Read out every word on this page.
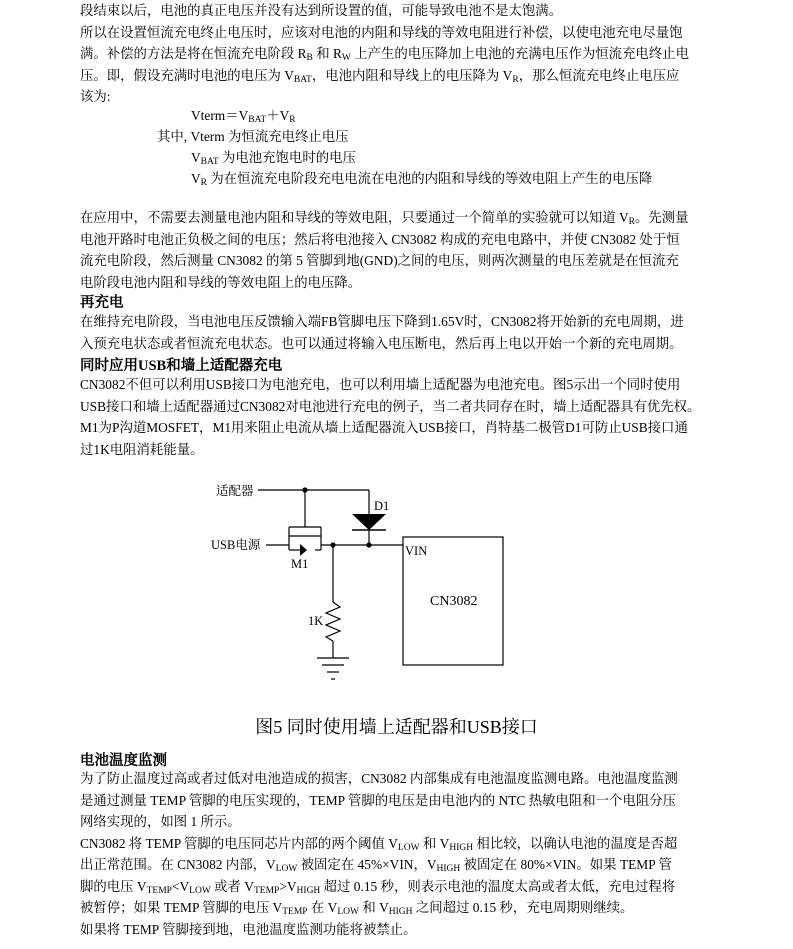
段结束以后，电池的真正电压并没有达到所设置的值，可能导致电池不是太饱满。
所以在设置恒流充电终止电压时，应该对电池的内阻和导线的等效电阻进行补偿，以使电池充电尽量饱
满。补偿的方法是将在恒流充电阶段 $R_B$ 和 $R_W$ 上产生的电压降加上电池的充满电压作为恒流充电终止电
压。即，假设充满时电池的电压为 $V_{BAT}$，电池内阻和导线上的电压降为 $V_R$，那么恒流充电终止电压应
该为:
$Vterm=V_{BAT}+V_R$
其中, Vterm 为恒流充电终止电压
$V_{BAT}$ 为电池充饱电时的电压
$V_R$ 为在恒流充电阶段充电电流在电池的内阻和导线的等效电阻上产生的电压降
在应用中，不需要去测量电池内阻和导线的等效电阻，只要通过一个简单的实验就可以知道 $V_R$。先测量
电池开路时电池正负极之间的电压；然后将电池接入 CN3082 构成的充电电路中，并使 CN3082 处于恒
流充电阶段，然后测量 CN3082 的第 5 管脚到地(GND)之间的电压，则两次测量的电压差就是在恒流充
电阶段电池内阻和导线的等效电阻上的电压降。
再充电
在维持充电阶段，当电池电压反馈输入端FB管脚电压下降到1.65V时，CN3082将开始新的充电周期，进
入预充电状态或者恒流充电状态。也可以通过将输入电压断电，然后再上电以开始一个新的充电周期。
同时应用USB和墙上适配器充电
CN3082不但可以利用USB接口为电池充电，也可以利用墙上适配器为电池充电。图5示出一个同时使用
USB接口和墙上适配器通过CN3082对电池进行充电的例子，当二者共同存在时，墙上适配器具有优先权。
M1为P沟道MOSFET，M1用来阻止电流从墙上适配器流入USB接口，肖特基二极管D1可防止USB接口通
过1K电阻消耗能量。
适配器
USB电源
M1
D1
VIN
CN3082
1K
图5 同时使用墙上适配器和USB接口
电池温度监测
为了防止温度过高或者过低对电池造成的损害，CN3082 内部集成有电池温度监测电路。电池温度监测
是通过测量 TEMP 管脚的电压实现的，TEMP 管脚的电压是由电池内的 NTC 热敏电阻和一个电阻分压
网络实现的，如图 1 所示。
CN3082 将 TEMP 管脚的电压同芯片内部的两个阈值 $V_{LOW}$ 和 $V_{HIGH}$ 相比较，以确认电池的温度是否超
出正常范围。在 CN3082 内部，$V_{LOW}$ 被固定在 45%×VIN，$V_{HIGH}$ 被固定在 80%×VIN。如果 TEMP 管
脚的电压 $V_{TEMP}<V_{LOW}$ 或者 $V_{TEMP}>V_{HIGH}$ 超过 0.15 秒，则表示电池的温度太高或者太低，充电过程将
被暂停；如果 TEMP 管脚的电压 $V_{TEMP}$ 在 $V_{LOW}$ 和 $V_{HIGH}$ 之间超过 0.15 秒，充电周期则继续。
如果将 TEMP 管脚接到地，电池温度监测功能将被禁止。
